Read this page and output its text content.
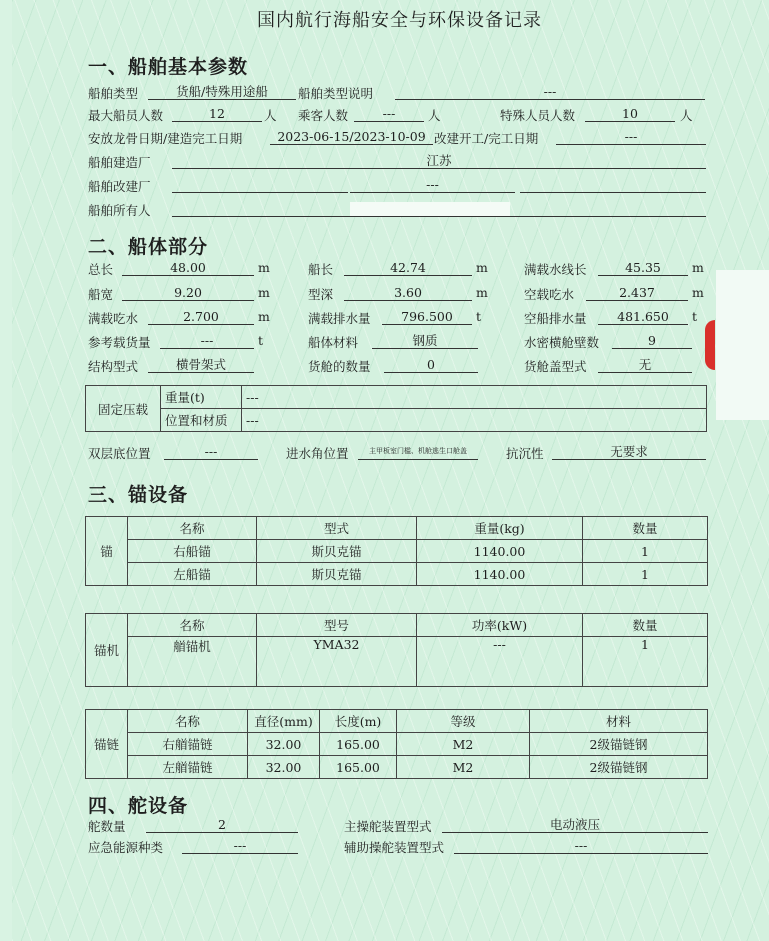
国内航行海船安全与环保设备记录
一、船舶基本参数
船舶类型	货船/特殊用途船	船舶类型说明	---
最大船员人数	12	人 乘客人数	---	人	特殊人员人数	10	人
安放龙骨日期/建造完工日期	2023-06-15/2023-10-09 改建开工/完工日期	---
船舶建造厂	江苏
船舶改建厂	---
船舶所有人
二、船体部分
总长	48.00	m	船长	42.74	m	满载水线长	45.35	m
船宽	9.20	m	型深	3.60	m	空载吃水	2.437	m
满载吃水	2.700	m	满载排水量	796.500	t	空船排水量	481.650	t
参考载货量	---	t	船体材料	钢质	水密横舱壁数	9
结构型式	横骨架式	货舱的数量	0	货舱盖型式	无
固定压载	重量(t)	---
	位置和材质	---
双层底位置	---	进水角位置	主甲板室门槛、机舱逃生口舱盖	抗沉性	无要求
三、锚设备
锚	名称	型式	重量(kg)	数量
	右船锚	斯贝克锚	1140.00	1
	左船锚	斯贝克锚	1140.00	1
锚机	名称	型号	功率(kW)	数量
	艏锚机	YMA32	---	1
锚链	名称	直径(mm)	长度(m)	等级	材料
	右艏锚链	32.00	165.00	M2	2级锚链钢
	左艏锚链	32.00	165.00	M2	2级锚链钢
四、舵设备
舵数量	2	主操舵装置型式	电动液压
应急能源种类	---	辅助操舵装置型式	---
